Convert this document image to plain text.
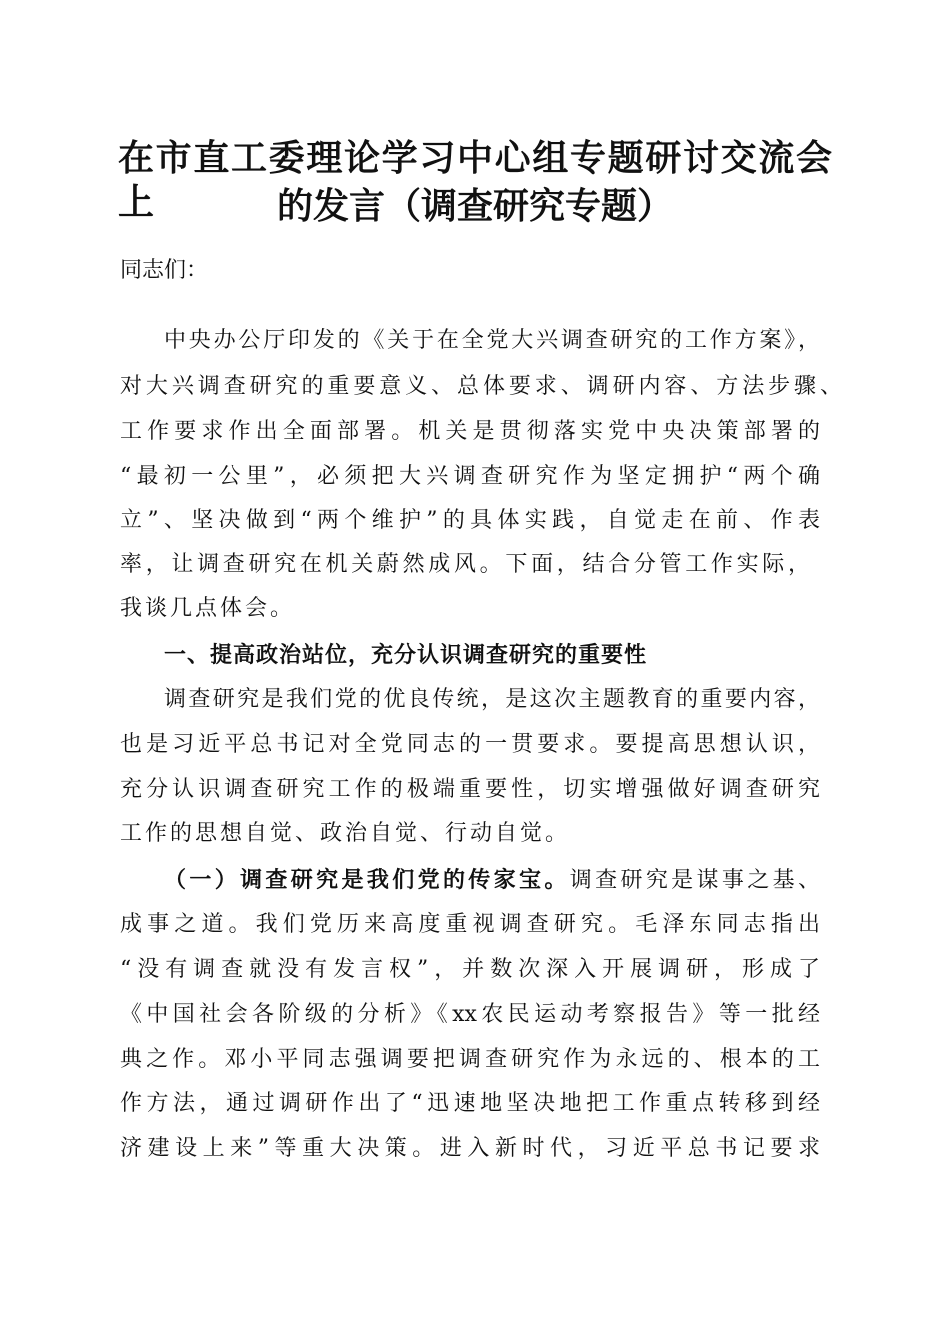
在市直工委理论学习中心组专题研讨交流会上	的发言（调查研究专题）
同志们：
中央办公厅印发的《关于在全党大兴调查研究的工作方案》，
对大兴调查研究的重要意义、总体要求、调研内容、方法步骤、
工作要求作出全面部署。机关是贯彻落实党中央决策部署的
“最初一公里”，必须把大兴调查研究作为坚定拥护“两个确
立”、坚决做到“两个维护”的具体实践，自觉走在前、作表
率，让调查研究在机关蔚然成风。下面，结合分管工作实际，
我谈几点体会。
一、提高政治站位，充分认识调查研究的重要性
调查研究是我们党的优良传统，是这次主题教育的重要内容，
也是习近平总书记对全党同志的一贯要求。要提高思想认识，
充分认识调查研究工作的极端重要性，切实增强做好调查研究
工作的思想自觉、政治自觉、行动自觉。
（一）调查研究是我们党的传家宝。调查研究是谋事之基、
成事之道。我们党历来高度重视调查研究。毛泽东同志指出
“没有调查就没有发言权”，并数次深入开展调研，形成了
《中国社会各阶级的分析》《xx农民运动考察报告》等一批经
典之作。邓小平同志强调要把调查研究作为永远的、根本的工
作方法，通过调研作出了“迅速地坚决地把工作重点转移到经
济建设上来”等重大决策。进入新时代，习近平总书记要求
